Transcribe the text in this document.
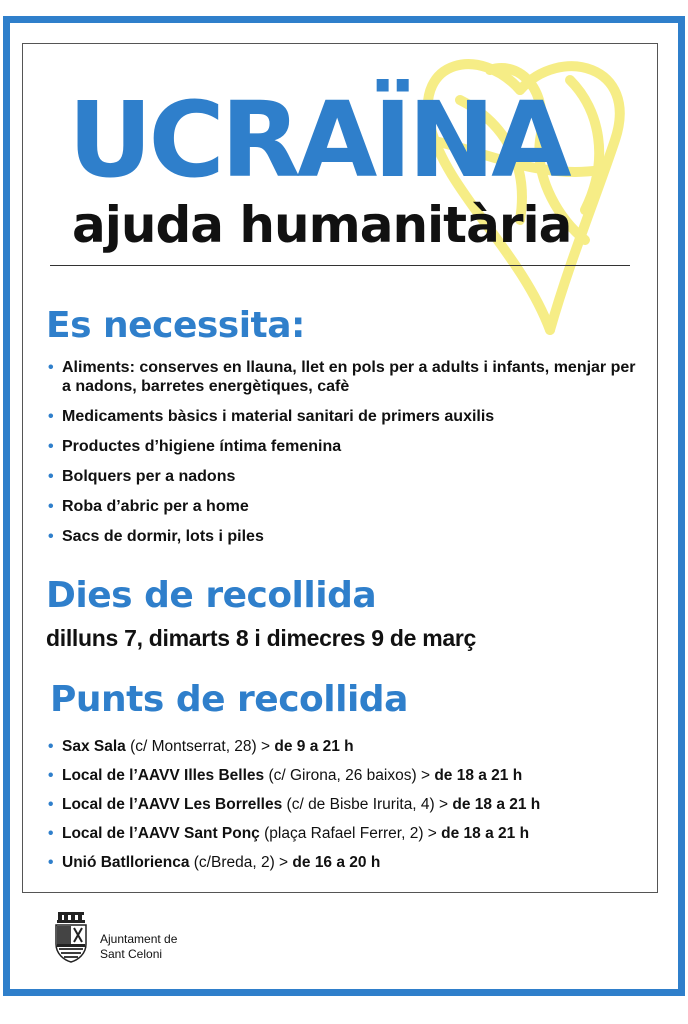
UCRAÏNA
ajuda humanitària
Es necessita:
• Aliments: conserves en llauna, llet en pols per a adults i infants, menjar per a nadons, barretes energètiques, cafè
• Medicaments bàsics i material sanitari de primers auxilis
• Productes d’higiene íntima femenina
• Bolquers per a nadons
• Roba d’abric per a home
• Sacs de dormir, lots i piles
Dies de recollida

dilluns 7, dimarts 8 i dimecres 9 de març

Punts de recollida
• Sax Sala (c/ Montserrat, 28) > de 9 a 21 h
• Local de l’AAVV Illes Belles (c/ Girona, 26 baixos) > de 18 a 21 h
• Local de l’AAVV Les Borrelles (c/ de Bisbe Irurita, 4) > de 18 a 21 h
• Local de l’AAVV Sant Ponç (plaça Rafael Ferrer, 2) > de 18 a 21 h
• Unió Batllorienca (c/Breda, 2) > de 16 a 20 h

Ajuntament de
Sant Celoni
